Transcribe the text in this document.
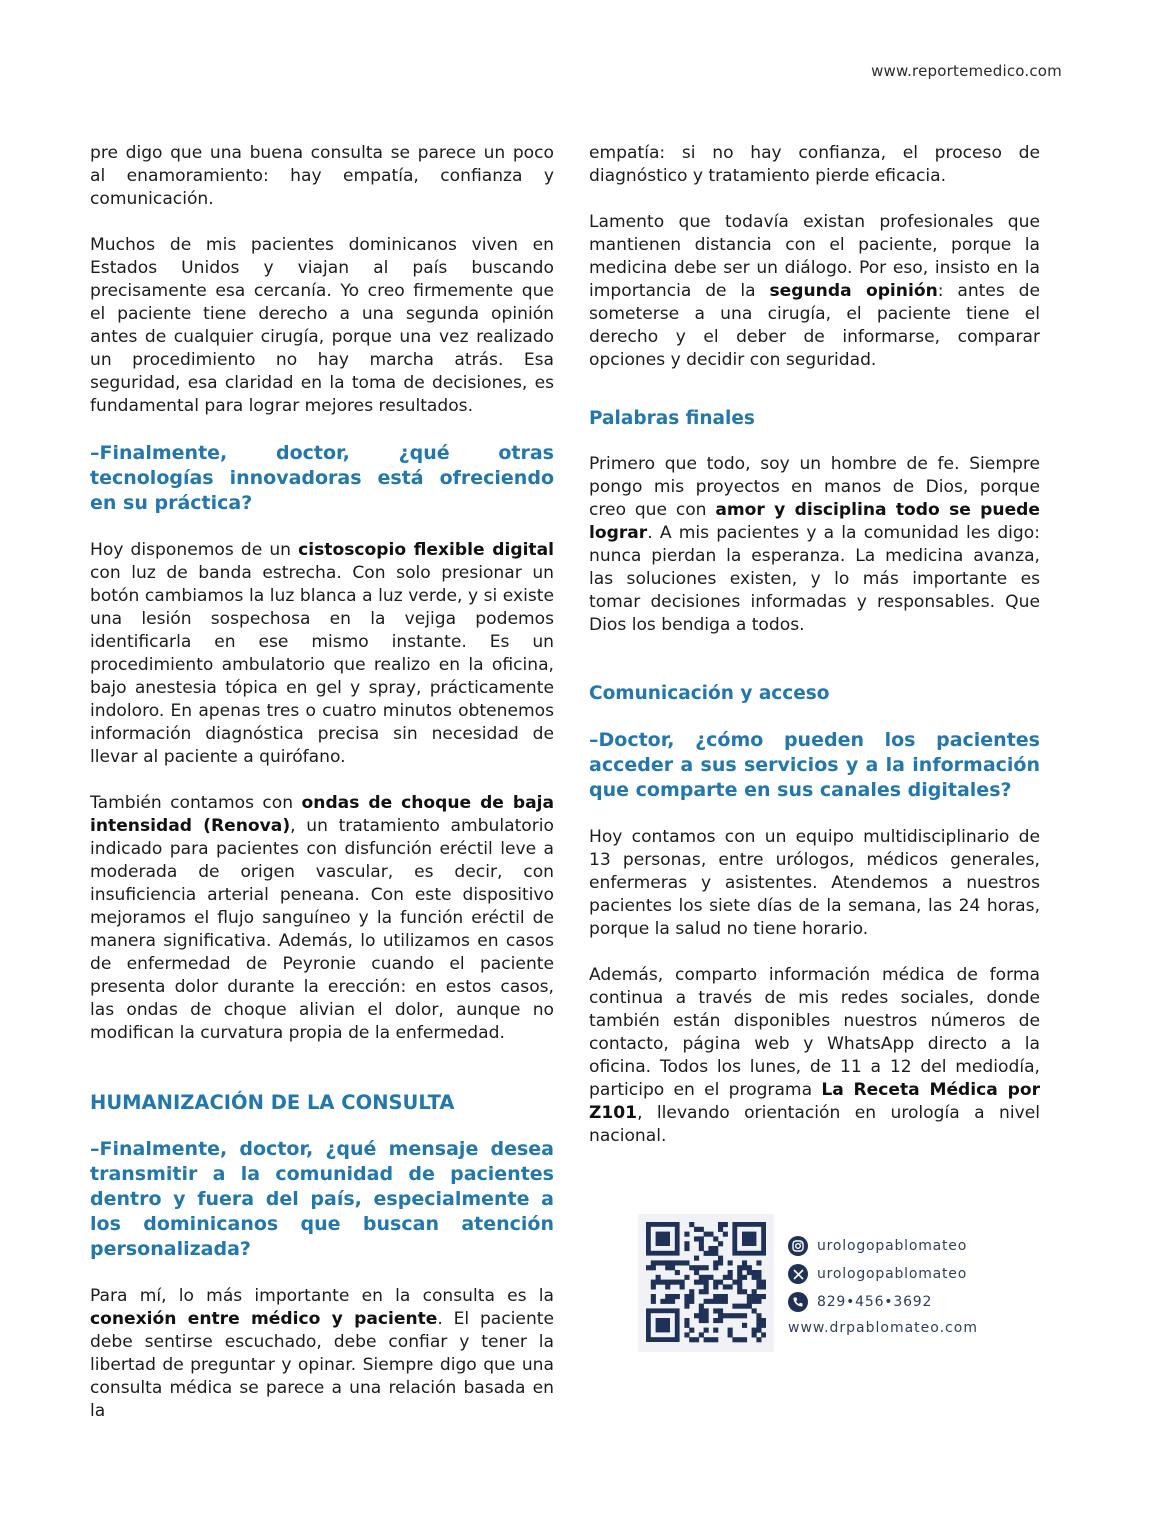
www.reportemedico.com

pre digo que una buena consulta se parece un poco al enamoramiento: hay empatía, confianza y comunicación.

Muchos de mis pacientes dominicanos viven en Estados Unidos y viajan al país buscando precisamente esa cercanía. Yo creo firmemente que el paciente tiene derecho a una segunda opinión antes de cualquier cirugía, porque una vez realizado un procedimiento no hay marcha atrás. Esa seguridad, esa claridad en la toma de decisiones, es fundamental para lograr mejores resultados.

–Finalmente, doctor, ¿qué otras tecnologías innovadoras está ofreciendo en su práctica?

Hoy disponemos de un cistoscopio flexible digital con luz de banda estrecha. Con solo presionar un botón cambiamos la luz blanca a luz verde, y si existe una lesión sospechosa en la vejiga podemos identificarla en ese mismo instante. Es un procedimiento ambulatorio que realizo en la oficina, bajo anestesia tópica en gel y spray, prácticamente indoloro. En apenas tres o cuatro minutos obtenemos información diagnóstica precisa sin necesidad de llevar al paciente a quirófano.

También contamos con ondas de choque de baja intensidad (Renova), un tratamiento ambulatorio indicado para pacientes con disfunción eréctil leve a moderada de origen vascular, es decir, con insuficiencia arterial peneana. Con este dispositivo mejoramos el flujo sanguíneo y la función eréctil de manera significativa. Además, lo utilizamos en casos de enfermedad de Peyronie cuando el paciente presenta dolor durante la erección: en estos casos, las ondas de choque alivian el dolor, aunque no modifican la curvatura propia de la enfermedad.

HUMANIZACIÓN DE LA CONSULTA
–Finalmente, doctor, ¿qué mensaje desea transmitir a la comunidad de pacientes dentro y fuera del país, especialmente a los dominicanos que buscan atención personalizada?

Para mí, lo más importante en la consulta es la conexión entre médico y paciente. El paciente debe sentirse escuchado, debe confiar y tener la libertad de preguntar y opinar. Siempre digo que una consulta médica se parece a una relación basada en la

empatía: si no hay confianza, el proceso de diagnóstico y tratamiento pierde eficacia.

Lamento que todavía existan profesionales que mantienen distancia con el paciente, porque la medicina debe ser un diálogo. Por eso, insisto en la importancia de la segunda opinión: antes de someterse a una cirugía, el paciente tiene el derecho y el deber de informarse, comparar opciones y decidir con seguridad.

Palabras finales

Primero que todo, soy un hombre de fe. Siempre pongo mis proyectos en manos de Dios, porque creo que con amor y disciplina todo se puede lograr. A mis pacientes y a la comunidad les digo: nunca pierdan la esperanza. La medicina avanza, las soluciones existen, y lo más importante es tomar decisiones informadas y responsables. Que Dios los bendiga a todos.

Comunicación y acceso
–Doctor, ¿cómo pueden los pacientes acceder a sus servicios y a la información que comparte en sus canales digitales?

Hoy contamos con un equipo multidisciplinario de 13 personas, entre urólogos, médicos generales, enfermeras y asistentes. Atendemos a nuestros pacientes los siete días de la semana, las 24 horas, porque la salud no tiene horario.

Además, comparto información médica de forma continua a través de mis redes sociales, donde también están disponibles nuestros números de contacto, página web y WhatsApp directo a la oficina. Todos los lunes, de 11 a 12 del mediodía, participo en el programa La Receta Médica por Z101, llevando orientación en urología a nivel nacional.

urologopablomateo
urologopablomateo
829•456•3692
www.drpablomateo.com
